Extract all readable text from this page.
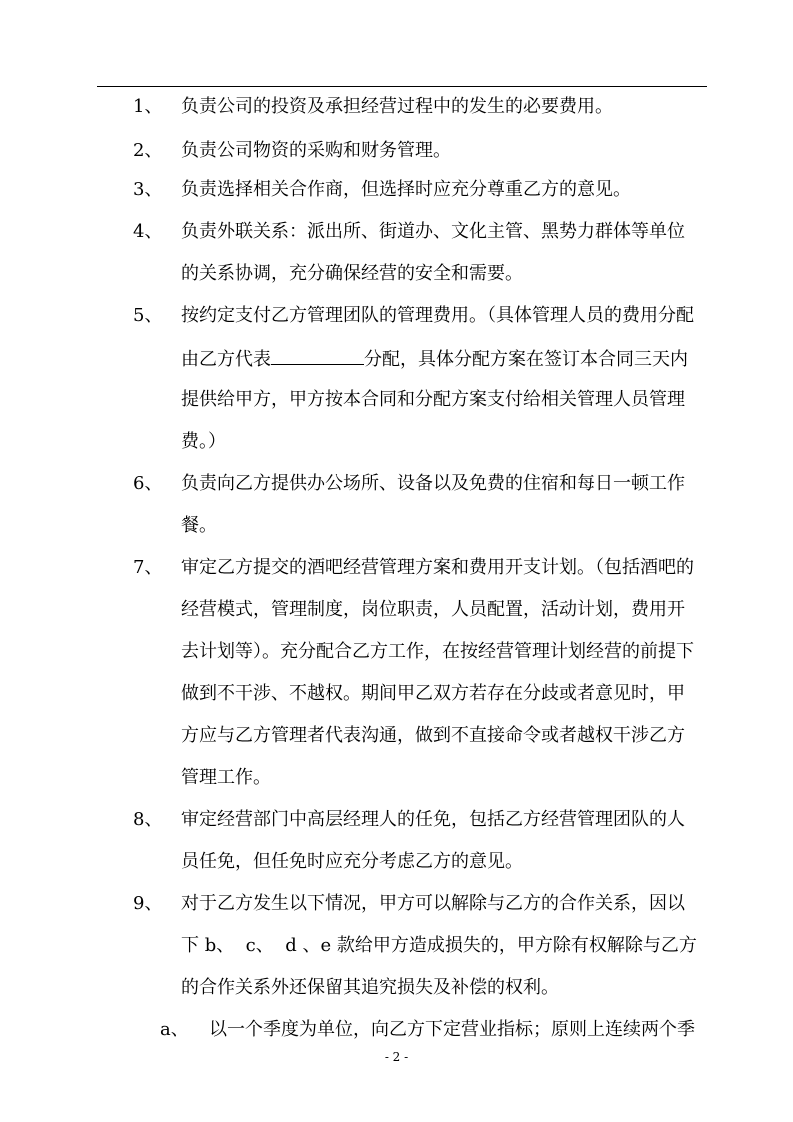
1、 负责公司的投资及承担经营过程中的发生的必要费用。
2、 负责公司物资的采购和财务管理。
3、 负责选择相关合作商，但选择时应充分尊重乙方的意见。
4、 负责外联关系：派出所、街道办、文化主管、黑势力群体等单位
的关系协调，充分确保经营的安全和需要。
5、 按约定支付乙方管理团队的管理费用。（具体管理人员的费用分配
由乙方代表	分配，具体分配方案在签订本合同三天内
提供给甲方，甲方按本合同和分配方案支付给相关管理人员管理
费。）
6、 负责向乙方提供办公场所、设备以及免费的住宿和每日一顿工作
餐。
7、 审定乙方提交的酒吧经营管理方案和费用开支计划。（包括酒吧的
经营模式，管理制度，岗位职责，人员配置，活动计划，费用开
去计划等）。充分配合乙方工作，在按经营管理计划经营的前提下
做到不干涉、不越权。期间甲乙双方若存在分歧或者意见时，甲
方应与乙方管理者代表沟通，做到不直接命令或者越权干涉乙方
管理工作。
8、 审定经营部门中高层经理人的任免，包括乙方经营管理团队的人
员任免，但任免时应充分考虑乙方的意见。
9、 对于乙方发生以下情况，甲方可以解除与乙方的合作关系，因以
下 b、  c、  d 、e 款给甲方造成损失的，甲方除有权解除与乙方
的合作关系外还保留其追究损失及补偿的权利。
a、 以一个季度为单位，向乙方下定营业指标；原则上连续两个季
- 2 -
